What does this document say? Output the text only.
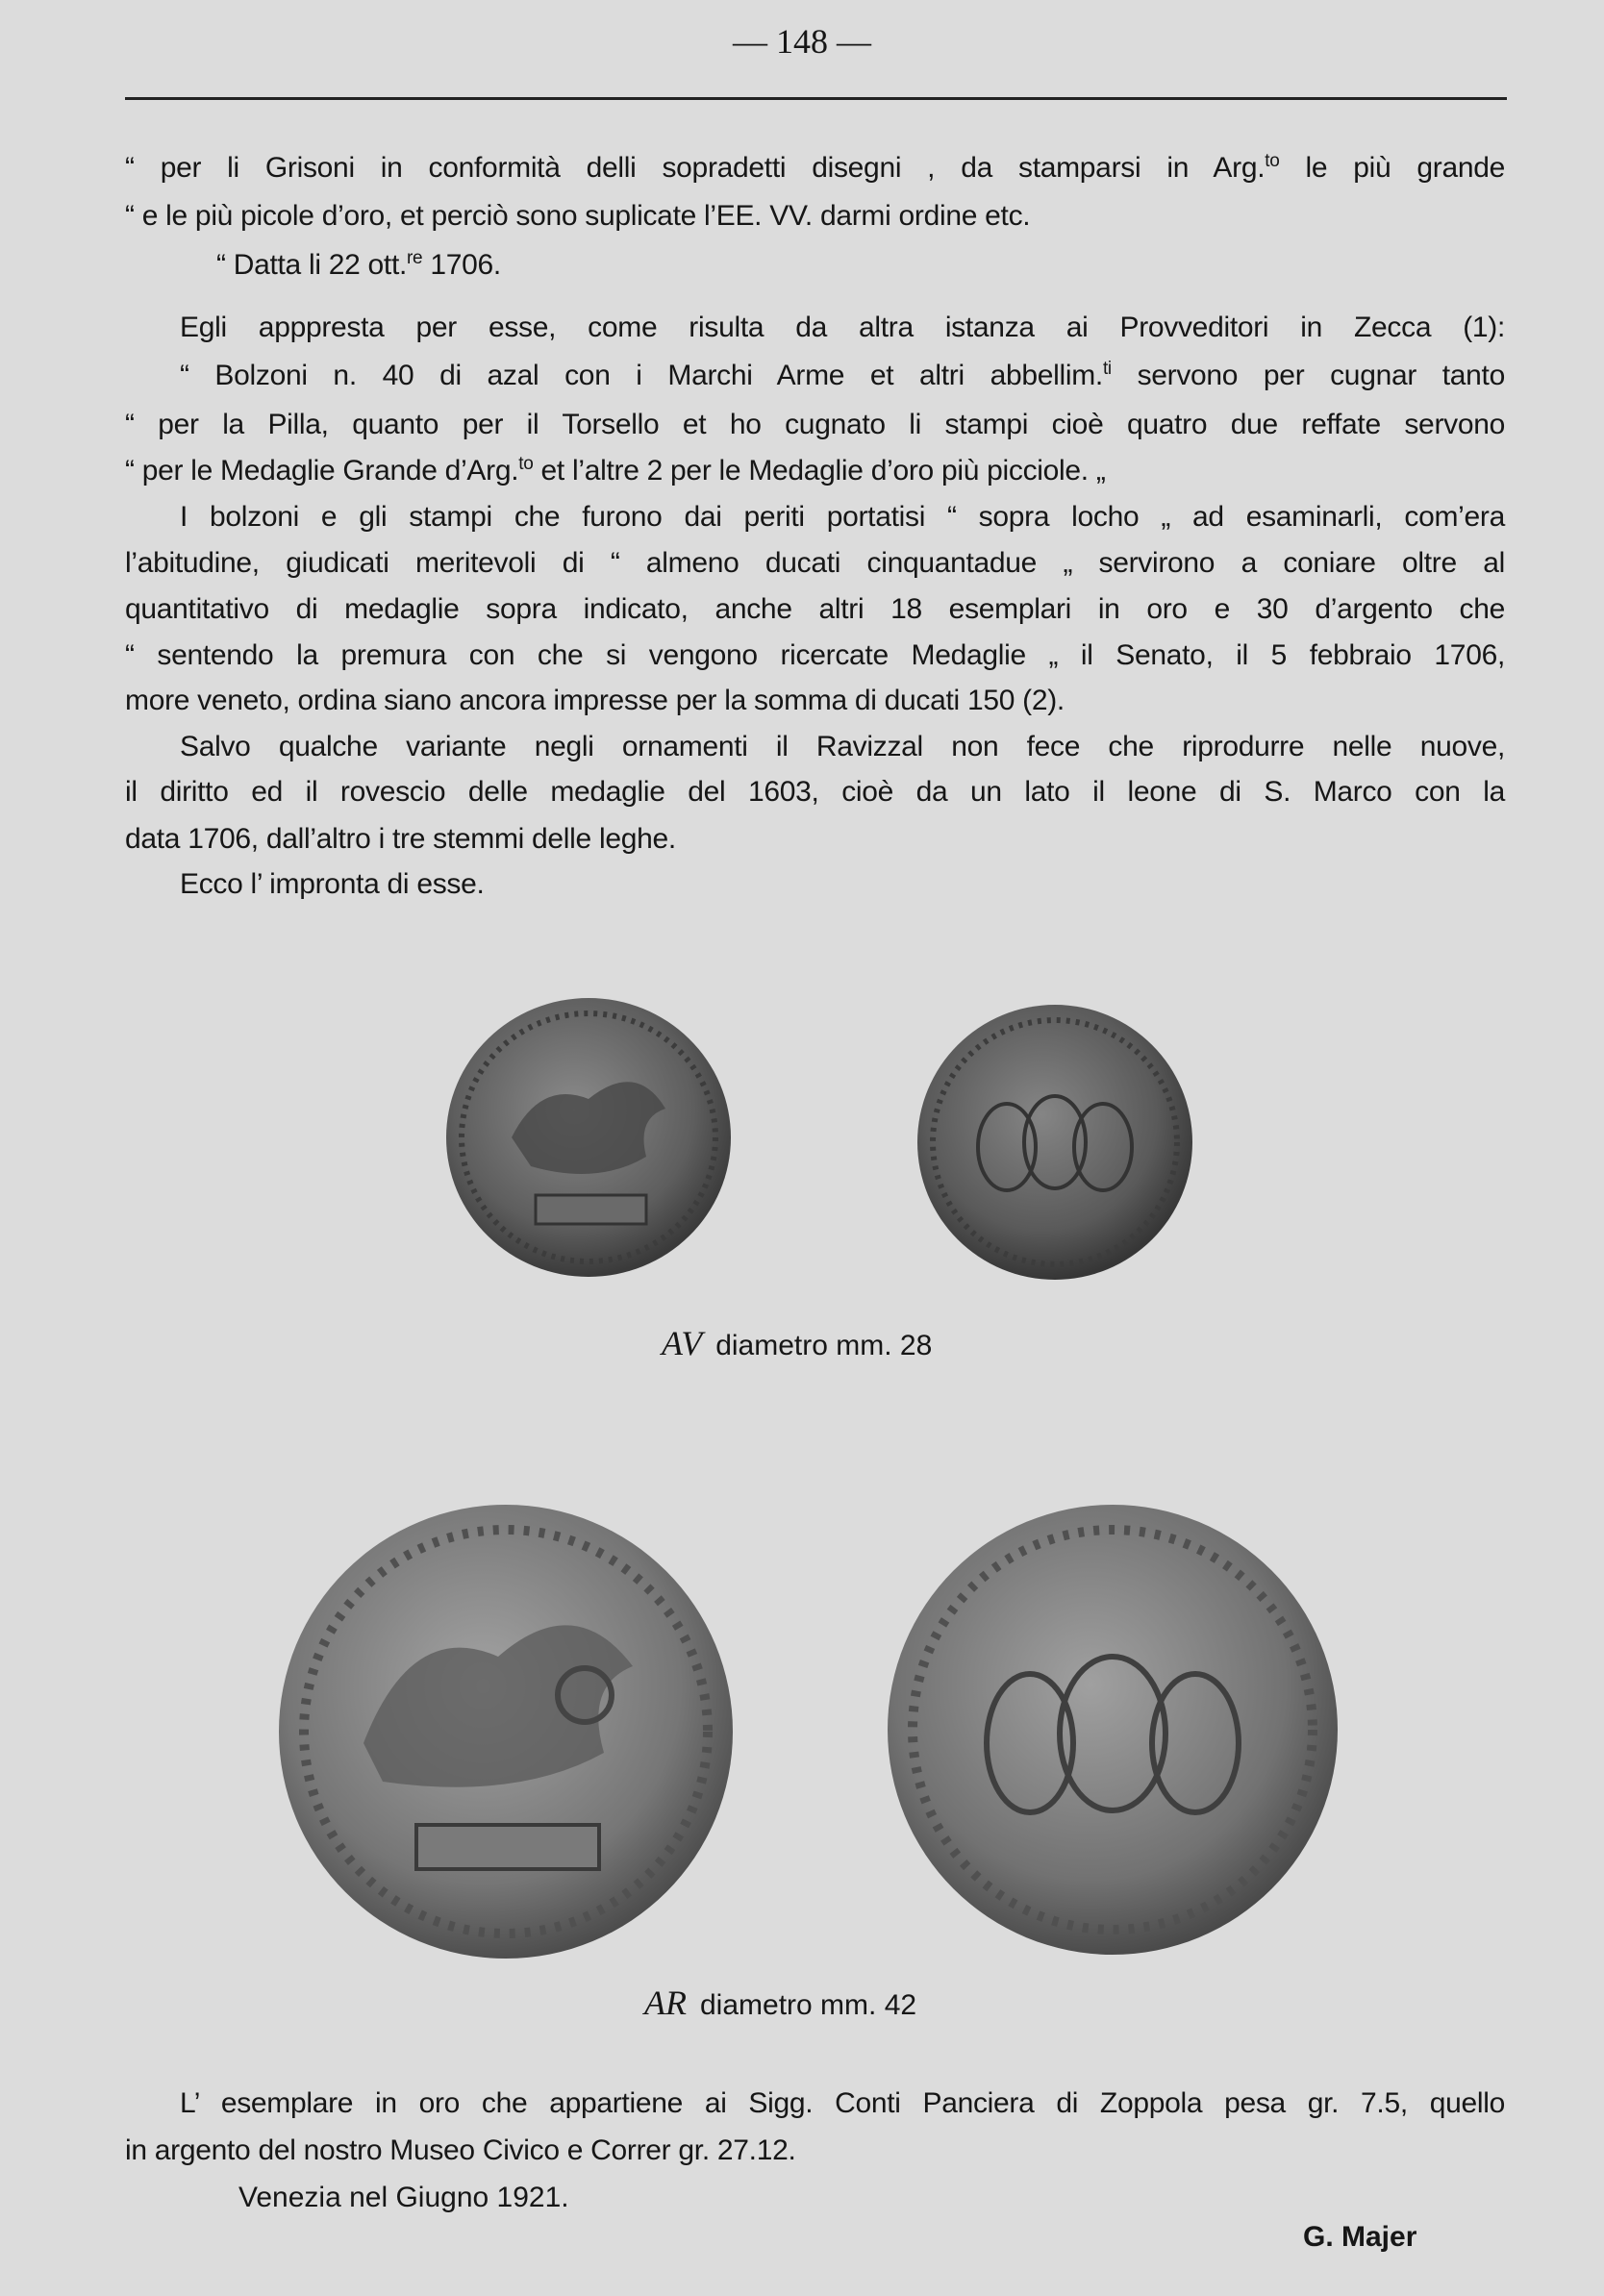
— 148 —
“ per li Grisoni in conformità delli sopradetti disegni , da stamparsi in Arg.$^{to}$ le più grande
“ e le più picole d’oro, et perciò sono suplicate l’EE. VV. darmi ordine etc.
“ Datta li 22 ott.$^{re}$ 1706.
Egli apppresta per esse, come risulta da altra istanza ai Provveditori in Zecca (1):
“ Bolzoni n. 40 di azal con i Marchi Arme et altri abbellim.$^{ti}$ servono per cugnar tanto
“ per la Pilla, quanto per il Torsello et ho cugnato li stampi cioè quatro due reffate servono
“ per le Medaglie Grande d’Arg.$^{to}$ et l’altre 2 per le Medaglie d’oro più picciole. „
I bolzoni e gli stampi che furono dai periti portatisi “ sopra locho „ ad esaminarli, com’era
l’abitudine, giudicati meritevoli di “ almeno ducati cinquantadue „ servirono a coniare oltre al
quantitativo di medaglie sopra indicato, anche altri 18 esemplari in oro e 30 d’argento che
“ sentendo la premura con che si vengono ricercate Medaglie „ il Senato, il 5 febbraio 1706,
more veneto, ordina siano ancora impresse per la somma di ducati 150 (2).
Salvo qualche variante negli ornamenti il Ravizzal non fece che riprodurre nelle nuove,
il diritto ed il rovescio delle medaglie del 1603, cioè da un lato il leone di S. Marco con la
data 1706, dall’altro i tre stemmi delle leghe.
Ecco l’ impronta di esse.
AV diametro mm. 28
AR diametro mm. 42
L’ esemplare in oro che appartiene ai Sigg. Conti Panciera di Zoppola pesa gr. 7.5, quello
in argento del nostro Museo Civico e Correr gr. 27.12.
Venezia nel Giugno 1921.
G. Majer
